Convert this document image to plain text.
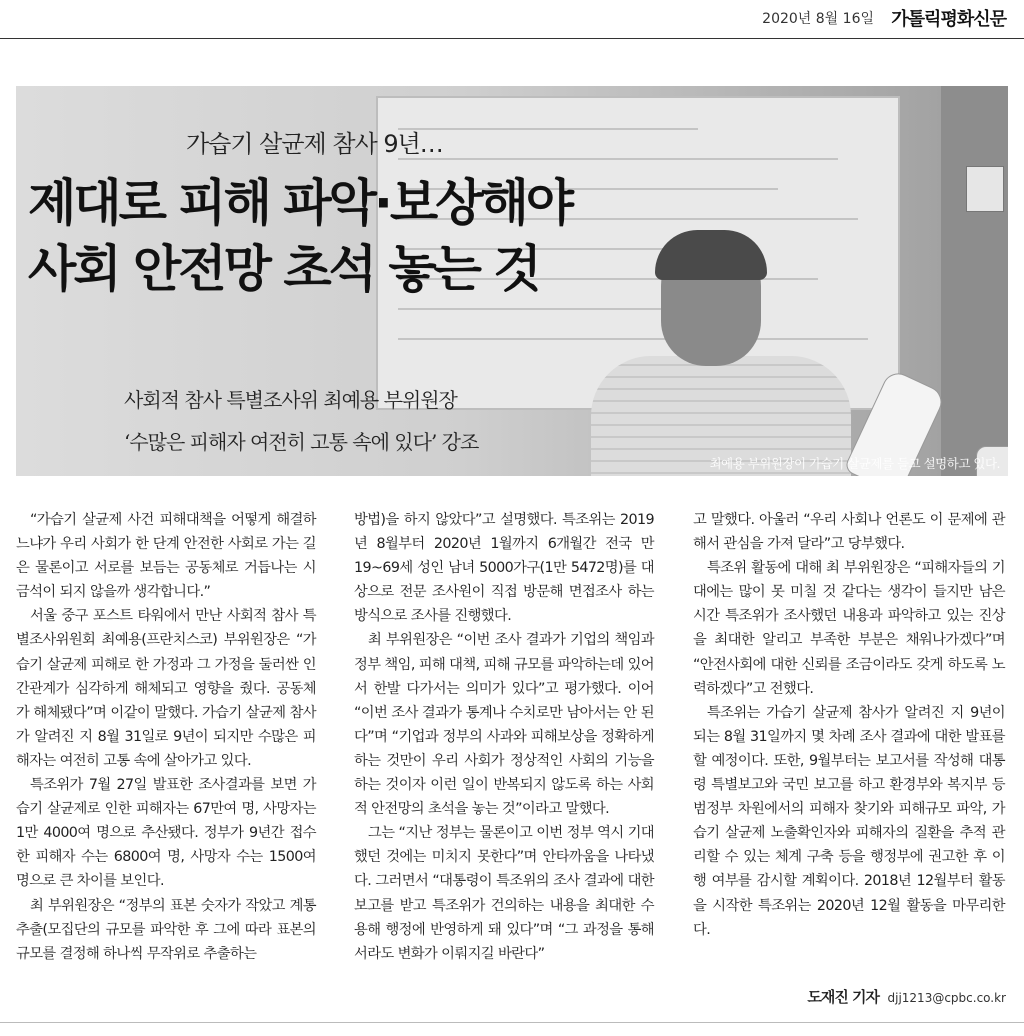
2020년 8월 16일 가톨릭평화신문
가습기 살균제 참사 9년…
제대로 피해 파악·보상해야
사회 안전망 초석 놓는 것
사회적 참사 특별조사위 최예용 부위원장
‘수많은 피해자 여전히 고통 속에 있다’ 강조
최예용 부위원장이 가습기 살균제를 들고 설명하고 있다.

“가습기 살균제 사건 피해대책을 어떻게 해결하느냐가 우리 사회가 한 단계 안전한 사회로 가는 길은 물론이고 서로를 보듬는 공동체로 거듭나는 시금석이 되지 않을까 생각합니다.”

서울 중구 포스트 타워에서 만난 사회적 참사 특별조사위원회 최예용(프란치스코) 부위원장은 “가습기 살균제 피해로 한 가정과 그 가정을 둘러싼 인간관계가 심각하게 해체되고 영향을 줬다. 공동체가 해체됐다”며 이같이 말했다. 가습기 살균제 참사가 알려진 지 8월 31일로 9년이 되지만 수많은 피해자는 여전히 고통 속에 살아가고 있다.

특조위가 7월 27일 발표한 조사결과를 보면 가습기 살균제로 인한 피해자는 67만여 명, 사망자는 1만 4000여 명으로 추산됐다. 정부가 9년간 접수한 피해자 수는 6800여 명, 사망자 수는 1500여 명으로 큰 차이를 보인다.

최 부위원장은 “정부의 표본 숫자가 작았고 계통추출(모집단의 규모를 파악한 후 그에 따라 표본의 규모를 결정해 하나씩 무작위로 추출하는

방법)을 하지 않았다”고 설명했다. 특조위는 2019년 8월부터 2020년 1월까지 6개월간 전국 만 19~69세 성인 남녀 5000가구(1만 5472명)를 대상으로 전문 조사원이 직접 방문해 면접조사 하는 방식으로 조사를 진행했다.

최 부위원장은 “이번 조사 결과가 기업의 책임과 정부 책임, 피해 대책, 피해 규모를 파악하는데 있어서 한발 다가서는 의미가 있다”고 평가했다. 이어 “이번 조사 결과가 통계나 수치로만 남아서는 안 된다”며 “기업과 정부의 사과와 피해보상을 정확하게 하는 것만이 우리 사회가 정상적인 사회의 기능을 하는 것이자 이런 일이 반복되지 않도록 하는 사회적 안전망의 초석을 놓는 것”이라고 말했다.

그는 “지난 정부는 물론이고 이번 정부 역시 기대했던 것에는 미치지 못한다”며 안타까움을 나타냈다. 그러면서 “대통령이 특조위의 조사 결과에 대한 보고를 받고 특조위가 건의하는 내용을 최대한 수용해 행정에 반영하게 돼 있다”며 “그 과정을 통해서라도 변화가 이뤄지길 바란다”

고 말했다. 아울러 “우리 사회나 언론도 이 문제에 관해서 관심을 가져 달라”고 당부했다.

특조위 활동에 대해 최 부위원장은 “피해자들의 기대에는 많이 못 미칠 것 같다는 생각이 들지만 남은 시간 특조위가 조사했던 내용과 파악하고 있는 진상을 최대한 알리고 부족한 부분은 채워나가겠다”며 “안전사회에 대한 신뢰를 조금이라도 갖게 하도록 노력하겠다”고 전했다.

특조위는 가습기 살균제 참사가 알려진 지 9년이 되는 8월 31일까지 몇 차례 조사 결과에 대한 발표를 할 예정이다. 또한, 9월부터는 보고서를 작성해 대통령 특별보고와 국민 보고를 하고 환경부와 복지부 등 범정부 차원에서의 피해자 찾기와 피해규모 파악, 가습기 살균제 노출확인자와 피해자의 질환을 추적 관리할 수 있는 체계 구축 등을 행정부에 권고한 후 이행 여부를 감시할 계획이다. 2018년 12월부터 활동을 시작한 특조위는 2020년 12월 활동을 마무리한다.

도재진 기자 djj1213@cpbc.co.kr
